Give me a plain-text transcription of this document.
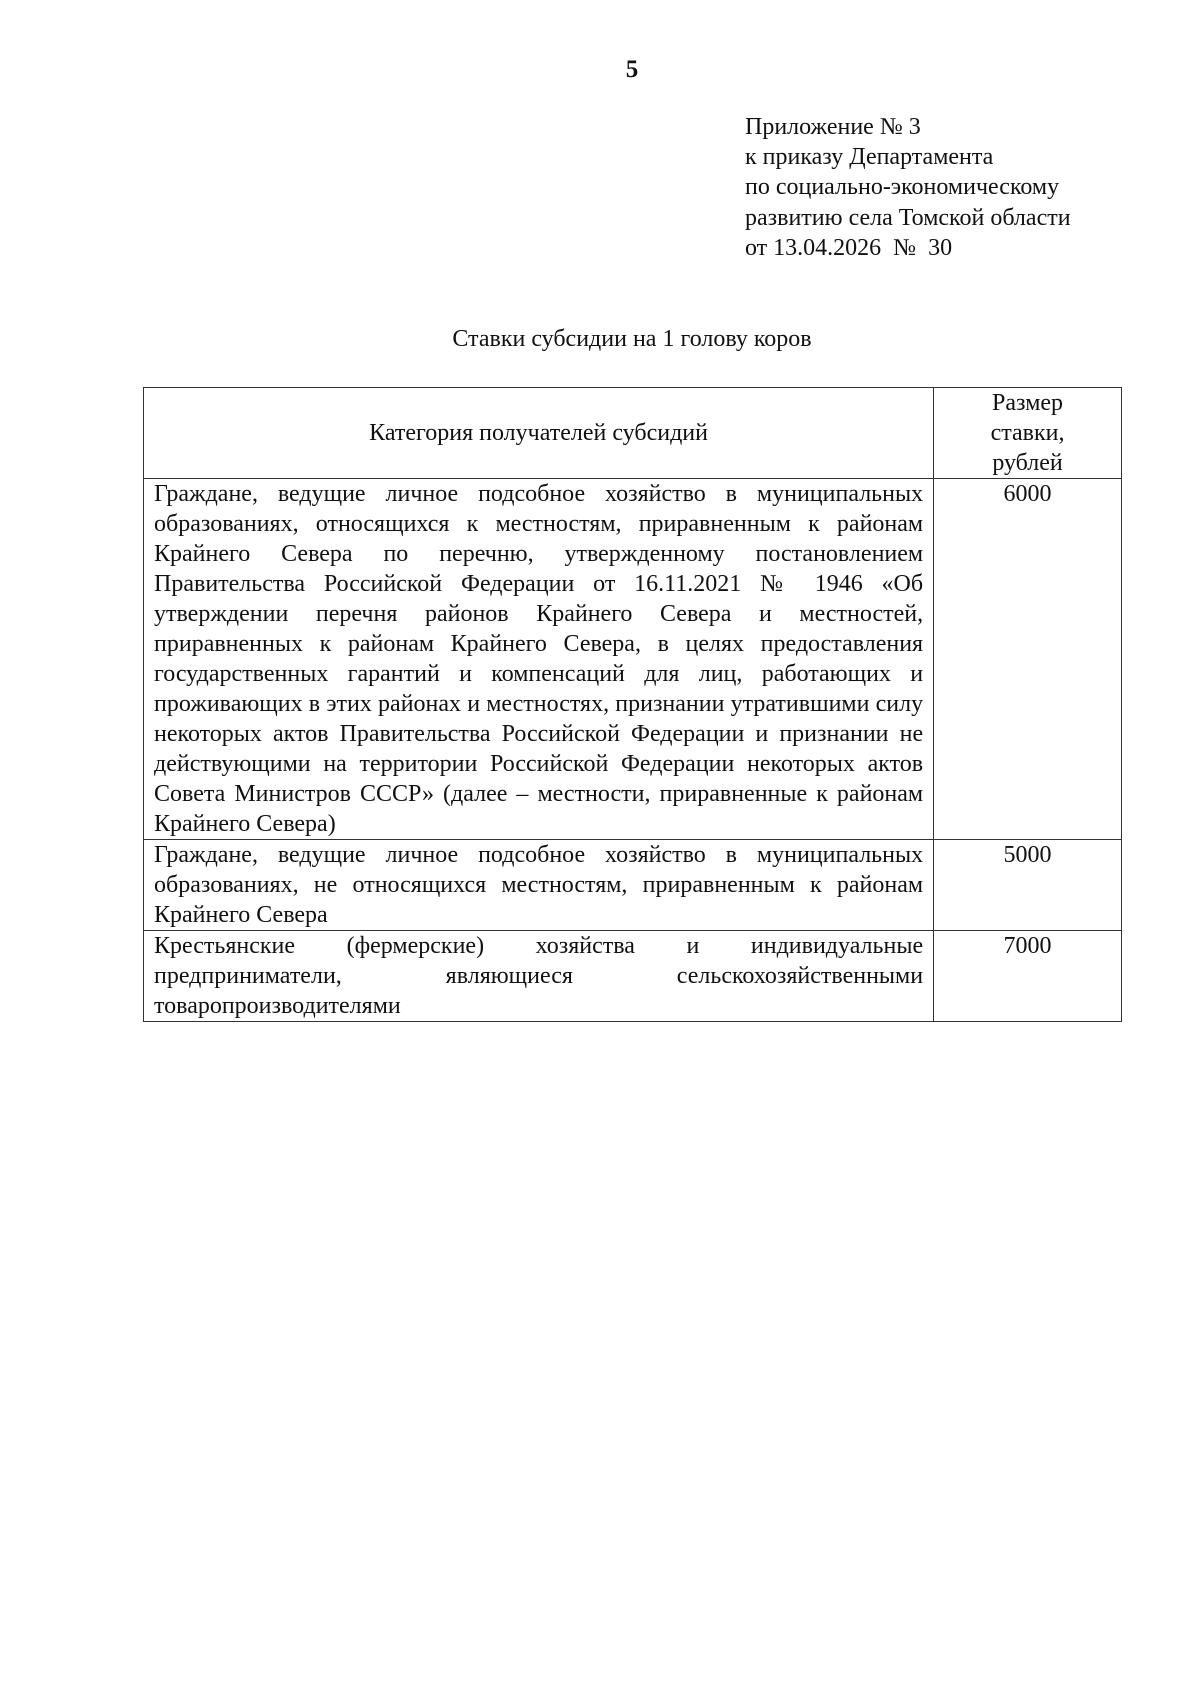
5
Приложение № 3
к приказу Департамента
по социально-экономическому
развитию села Томской области
от 13.04.2026  №  30
Ставки субсидии на 1 голову коров
Категория получателей субсидий	Размер ставки, рублей
Граждане, ведущие личное подсобное хозяйство в муниципальных образованиях, относящихся к местностям, приравненным к районам Крайнего Севера по перечню, утвержденному постановлением Правительства Российской Федерации от 16.11.2021 № 1946 «Об утверждении перечня районов Крайнего Севера и местностей, приравненных к районам Крайнего Севера, в целях предоставления государственных гарантий и компенсаций для лиц, работающих и проживающих в этих районах и местностях, признании утратившими силу некоторых актов Правительства Российской Федерации и признании не действующими на территории Российской Федерации некоторых актов Совета Министров СССР» (далее – местности, приравненные к районам Крайнего Севера)	6000
Граждане, ведущие личное подсобное хозяйство в муниципальных образованиях, не относящихся местностям, приравненным к районам Крайнего Севера	5000
Крестьянские (фермерские) хозяйства и индивидуальные предприниматели, являющиеся сельскохозяйственными товаропроизводителями	7000
